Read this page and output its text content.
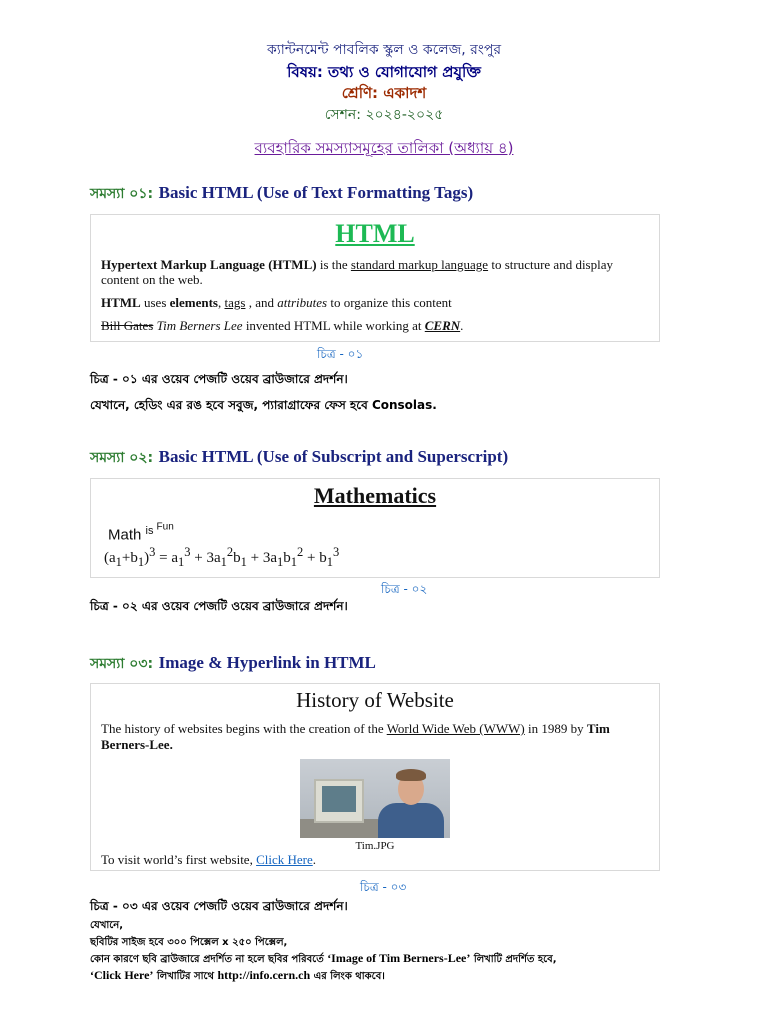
ক্যান্টনমেন্ট পাবলিক স্কুল ও কলেজ, রংপুর
বিষয়: তথ্য ও যোগাযোগ প্রযুক্তি
শ্রেণি: একাদশ
সেশন: ২০২৪-২০২৫
ব্যবহারিক সমস্যাসমূহের তালিকা (অধ্যায় ৪)
সমস্যা ০১: Basic HTML (Use of Text Formatting Tags)
HTML
Hypertext Markup Language (HTML) is the standard markup language to structure and display content on the web.
HTML uses elements, tags , and attributes to organize this content
Bill Gates Tim Berners Lee invented HTML while working at CERN.
চিত্র - ০১
চিত্র - ০১ এর ওয়েব পেজটি ওয়েব ব্রাউজারে প্রদর্শন।
যেখানে, হেডিং এর রঙ হবে সবুজ, প্যারাগ্রাফের ফেস হবে Consolas.
সমস্যা ০২: Basic HTML (Use of Subscript and Superscript)
Mathematics
Math $^{is ^{Fun}}$
$(a_1+b_1)^3 = a_1^3 + 3a_1^2b_1 + 3a_1b_1^2 + b_1^3$
চিত্র - ০২
চিত্র - ০২ এর ওয়েব পেজটি ওয়েব ব্রাউজারে প্রদর্শন।
সমস্যা ০৩: Image & Hyperlink in HTML
History of Website
The history of websites begins with the creation of the World Wide Web (WWW) in 1989 by Tim Berners-Lee.
Tim.JPG
To visit world’s first website, Click Here.
চিত্র - ০৩
চিত্র - ০৩ এর ওয়েব পেজটি ওয়েব ব্রাউজারে প্রদর্শন।
যেখানে,
ছবিটির সাইজ হবে ৩০০ পিক্সেল x ২৫০ পিক্সেল,
কোন কারণে ছবি ব্রাউজারে প্রদর্শিত না হলে ছবির পরিবর্তে ‘Image of Tim Berners-Lee’ লিখাটি প্রদর্শিত হবে,
‘Click Here’ লিখাটির সাথে http://info.cern.ch এর লিংক থাকবে।
